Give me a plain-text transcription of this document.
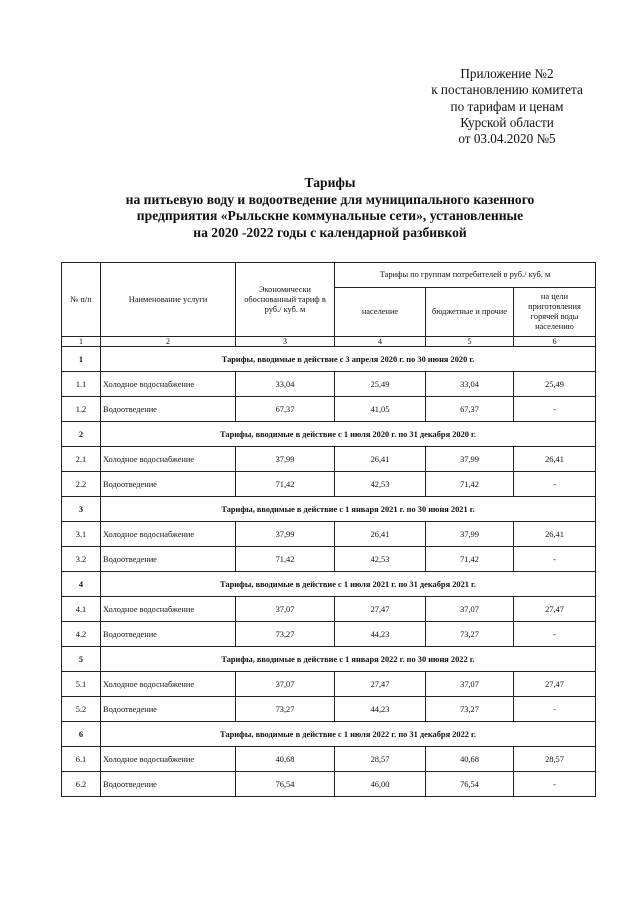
Приложение №2
к постановлению комитета
по тарифам и ценам
Курской области
от 03.04.2020 №5
Тарифы
на питьевую воду и водоотведение для муниципального казенного
предприятия «Рыльскне коммунальные сети», установленные
на 2020 -2022 годы с календарной разбивкой
№ п/п	Наименование услуги	Экономически обоснованный тариф в руб./ куб. м	Тарифы по группам потребителей в руб./ куб. м		
			население	бюджетные и прочие	на цели приготовления горячей воды населению
1	2	3	4	5	6
1	Тарифы, вводимые в действие с 3 апреля 2020 г. по 30 июня 2020 г.				
1.1	Холодное водоснабжение	33,04	25,49	33,04	25,49
1.2	Водоотведение	67,37	41,05	67,37	-
2	Тарифы, вводимые в действие с 1 июля 2020 г. по 31 декабря 2020 г.				
2.1	Холодное водоснабжение	37,99	26,41	37,99	26,41
2.2	Водоотведение	71,42	42,53	71,42	-
3	Тарифы, вводимые в действие с 1 января 2021 г. по 30 июня 2021 г.				
3.1	Холодное водоснабжение	37,99	26,41	37,99	26,41
3.2	Водоотведение	71,42	42,53	71,42	-
4	Тарифы, вводимые в действие с 1 июля 2021 г. по 31 декабря 2021 г.				
4.1	Холодное водоснабжение	37,07	27,47	37,07	27,47
4.2	Водоотведение	73,27	44,23	73,27	-
5	Тарифы, вводимые в действие с 1 января 2022 г. по 30 июня 2022 г.				
5.1	Холодное водоснабжение	37,07	27,47	37,07	27,47
5.2	Водоотведение	73,27	44,23	73,27	-
6	Тарифы, вводимые в действие с 1 июля 2022 г. по 31 декабря 2022 г.				
6.1	Холодное водоснабжение	40,68	28,57	40,68	28,57
6.2	Водоотведение	76,54	46,00	76,54	-
